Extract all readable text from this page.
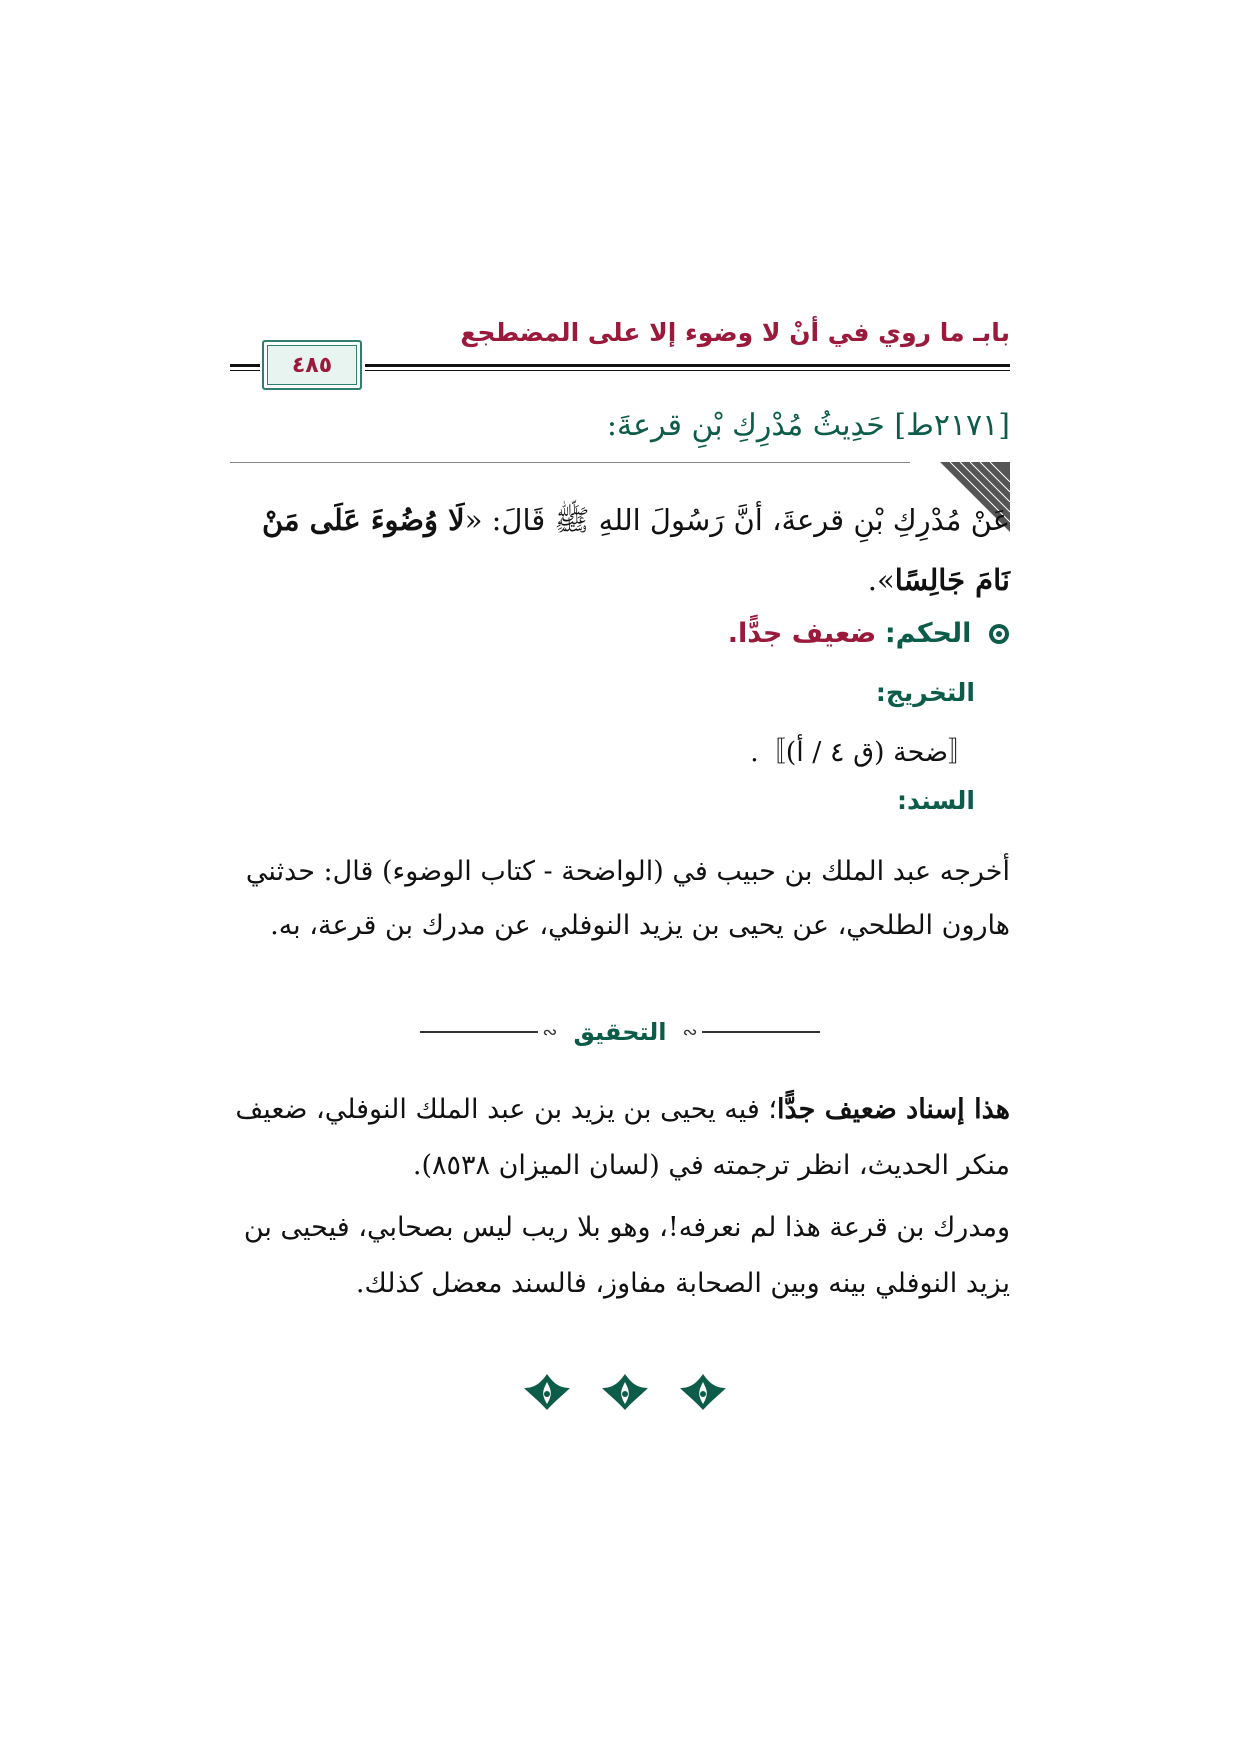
بابـ ما روي في أنْ لا وضوء إلا على المضطجع
٤٨٥
[٢١٧١ط] حَدِيثُ مُدْرِكِ بْنِ قرعةَ:
عَنْ مُدْرِكِ بْنِ قرعةَ، أنَّ رَسُولَ اللهِ ﷺ قَالَ: «لَا وُضُوءَ عَلَى مَنْ نَامَ جَالِسًا».
الحكم: ضعيف جدًّا.
التخريج:
〚ضحة (ق ٤ / أ)〛.
السند:
أخرجه عبد الملك بن حبيب في (الواضحة - كتاب الوضوء) قال: حدثني هارون الطلحي، عن يحيى بن يزيد النوفلي، عن مدرك بن قرعة، به.
∾ التحقيق ∾
هذا إسناد ضعيف جدًّا؛ فيه يحيى بن يزيد بن عبد الملك النوفلي، ضعيف منكر الحديث، انظر ترجمته في (لسان الميزان ٨٥٣٨).
ومدرك بن قرعة هذا لم نعرفه!، وهو بلا ريب ليس بصحابي، فيحيى بن يزيد النوفلي بينه وبين الصحابة مفاوز، فالسند معضل كذلك.
